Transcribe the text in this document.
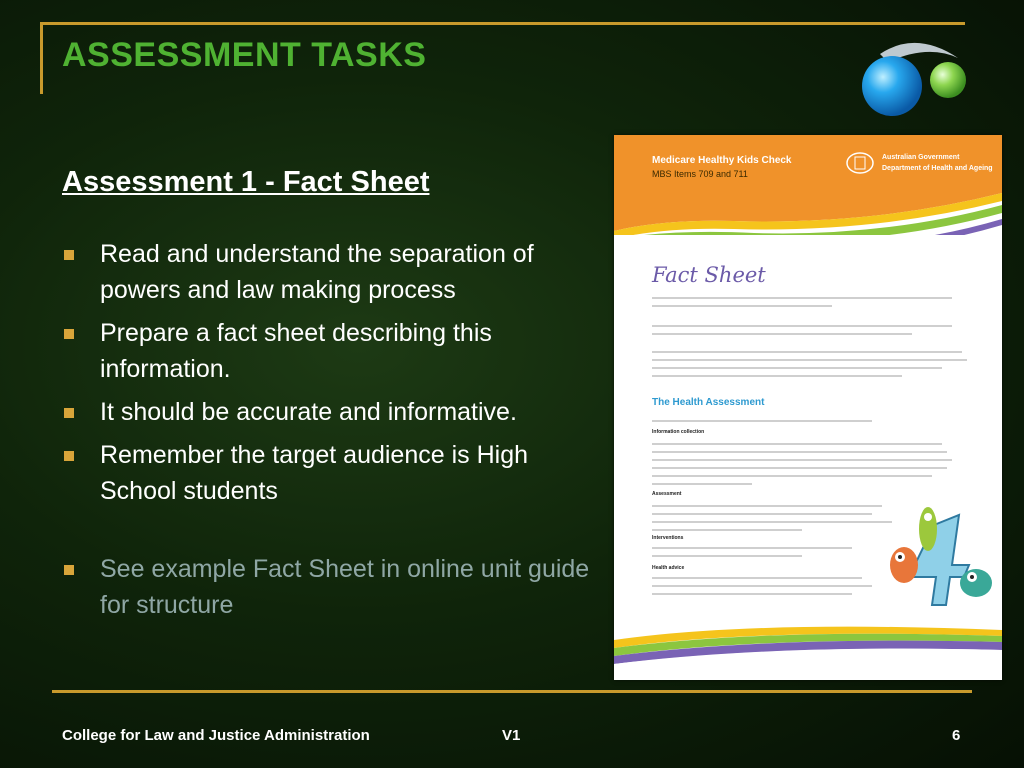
ASSESSMENT TASKS
Assessment 1 - Fact Sheet
Read and understand the separation of powers and law making process
Prepare a fact sheet describing this information.
It should be accurate and informative.
Remember the target audience is High School students
See example Fact Sheet in online unit guide for structure
Medicare Healthy Kids Check
MBS Items 709 and 711
Australian Government
Department of Health and Ageing
Fact Sheet
The Health Assessment
Information collection
Assessment
Interventions
Health advice
College for Law and Justice Administration	V1	6
